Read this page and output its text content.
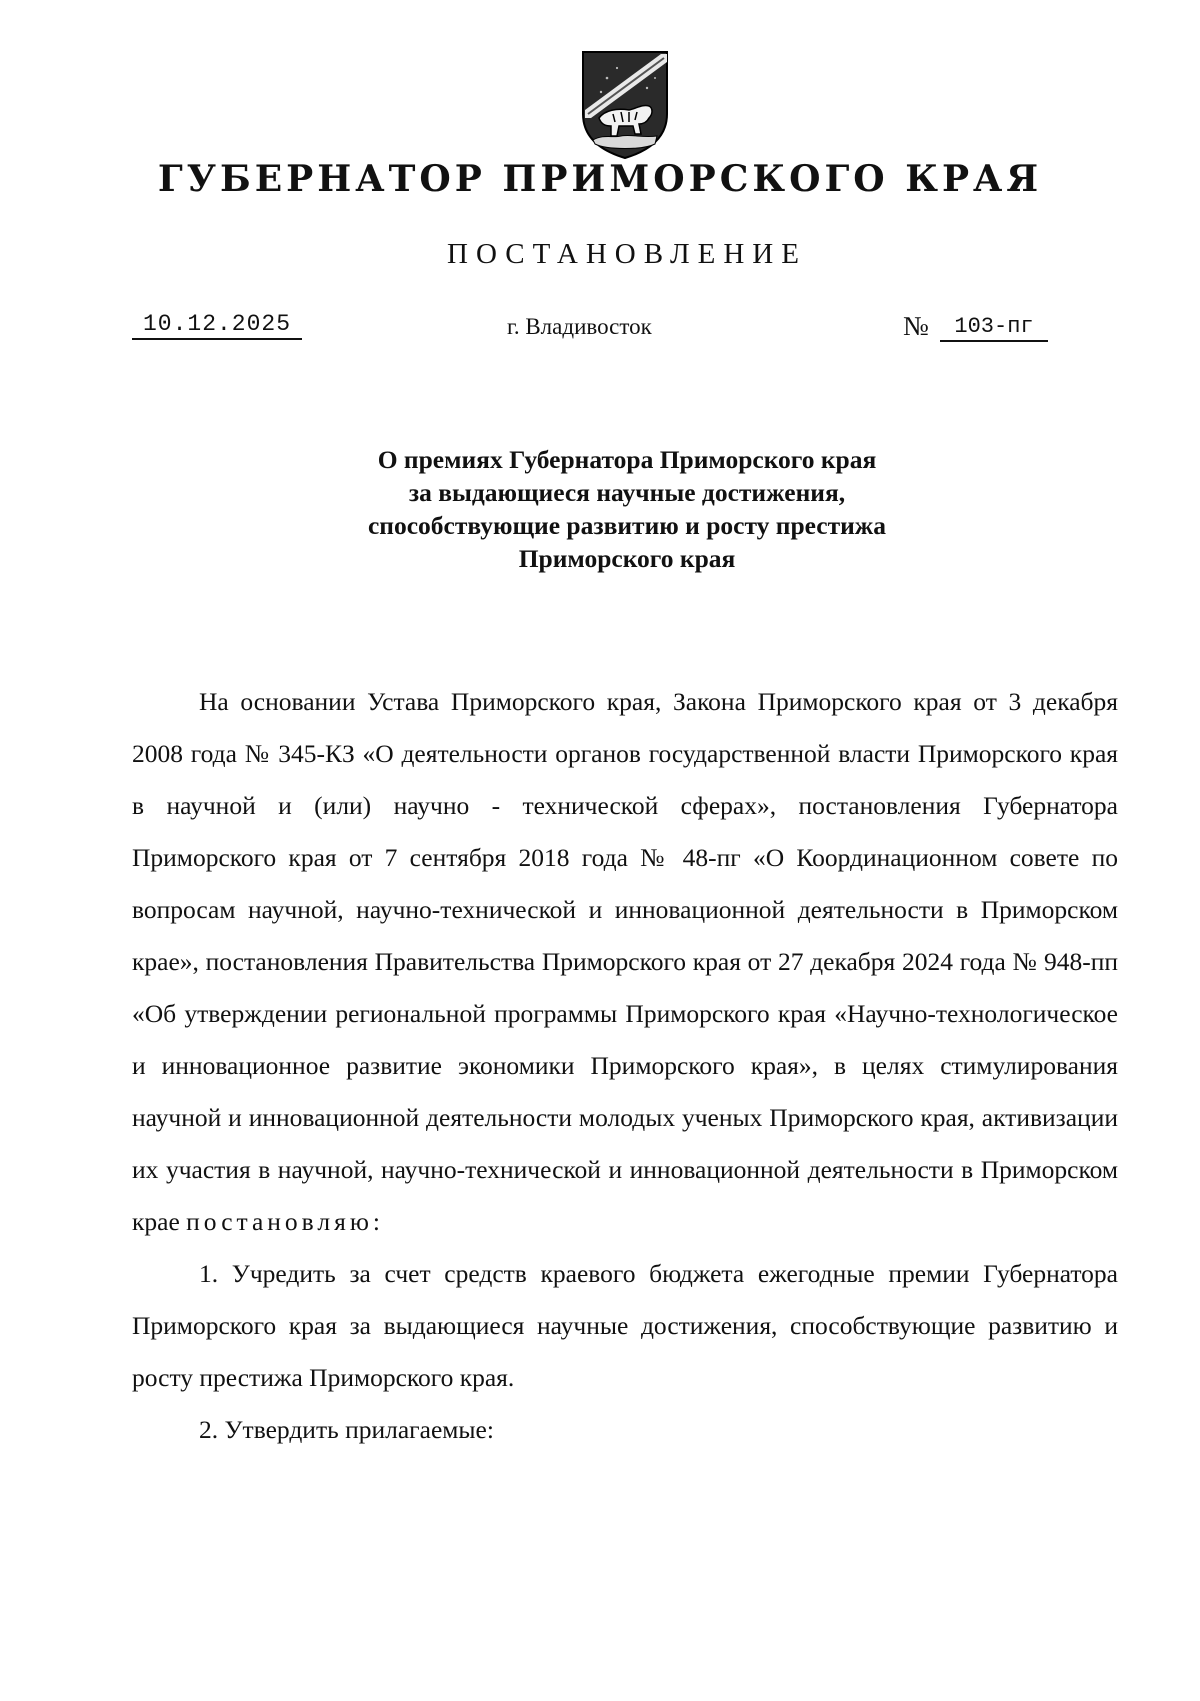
ГУБЕРНАТОР ПРИМОРСКОГО КРАЯ
ПОСТАНОВЛЕНИЕ
10.12.2025	г. Владивосток	№	103-пг
О премиях Губернатора Приморского края
за выдающиеся научные достижения,
способствующие развитию и росту престижа
Приморского края

На основании Устава Приморского края, Закона Приморского края от 3 декабря 2008 года № 345-КЗ «О деятельности органов государственной власти Приморского края в научной и (или) научно - технической сферах», постановления Губернатора Приморского края от 7 сентября 2018 года № 48-пг «О Координационном совете по вопросам научной, научно-технической и инновационной деятельности в Приморском крае», постановления Правительства Приморского края от 27 декабря 2024 года № 948-пп «Об утверждении региональной программы Приморского края «Научно-технологическое и инновационное развитие экономики Приморского края», в целях стимулирования научной и инновационной деятельности молодых ученых Приморского края, активизации их участия в научной, научно-технической и инновационной деятельности в Приморском крае постановляю:

1. Учредить за счет средств краевого бюджета ежегодные премии Губернатора Приморского края за выдающиеся научные достижения, способствующие развитию и росту престижа Приморского края.

2. Утвердить прилагаемые:
